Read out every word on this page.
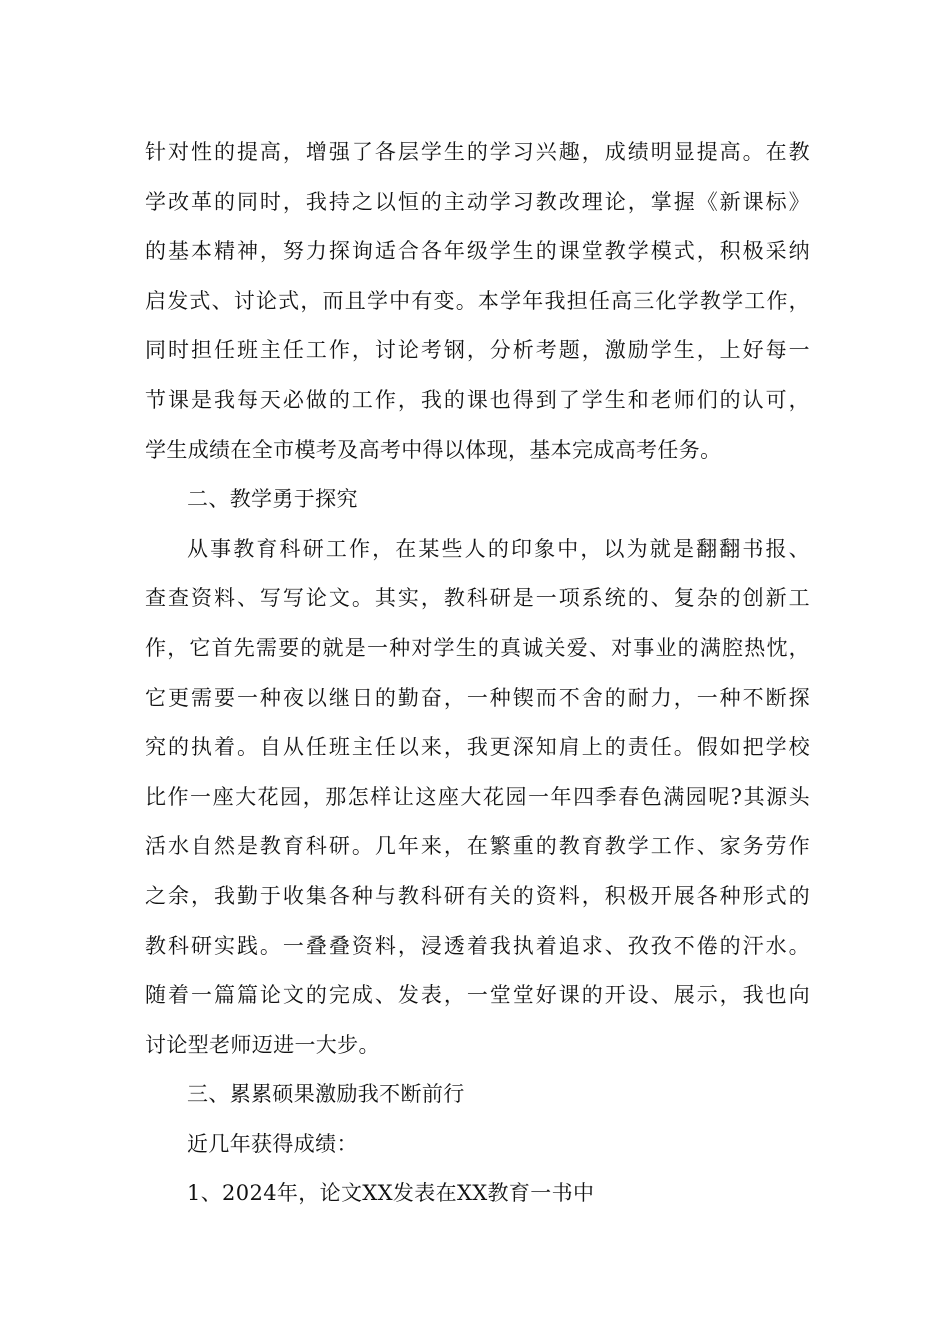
针对性的提高，增强了各层学生的学习兴趣，成绩明显提高。在教
学改革的同时，我持之以恒的主动学习教改理论，掌握《新课标》
的基本精神，努力探询适合各年级学生的课堂教学模式，积极采纳
启发式、讨论式，而且学中有变。本学年我担任高三化学教学工作，
同时担任班主任工作，讨论考钢，分析考题，激励学生，上好每一
节课是我每天必做的工作，我的课也得到了学生和老师们的认可，
学生成绩在全市模考及高考中得以体现，基本完成高考任务。
二、教学勇于探究
从事教育科研工作，在某些人的印象中，以为就是翻翻书报、
查查资料、写写论文。其实，教科研是一项系统的、复杂的创新工
作，它首先需要的就是一种对学生的真诚关爱、对事业的满腔热忱，
它更需要一种夜以继日的勤奋，一种锲而不舍的耐力，一种不断探
究的执着。自从任班主任以来，我更深知肩上的责任。假如把学校
比作一座大花园，那怎样让这座大花园一年四季春色满园呢?其源头
活水自然是教育科研。几年来，在繁重的教育教学工作、家务劳作
之余，我勤于收集各种与教科研有关的资料，积极开展各种形式的
教科研实践。一叠叠资料，浸透着我执着追求、孜孜不倦的汗水。
随着一篇篇论文的完成、发表，一堂堂好课的开设、展示，我也向
讨论型老师迈进一大步。
三、累累硕果激励我不断前行
近几年获得成绩：
1、2024年，论文XX发表在XX教育一书中
